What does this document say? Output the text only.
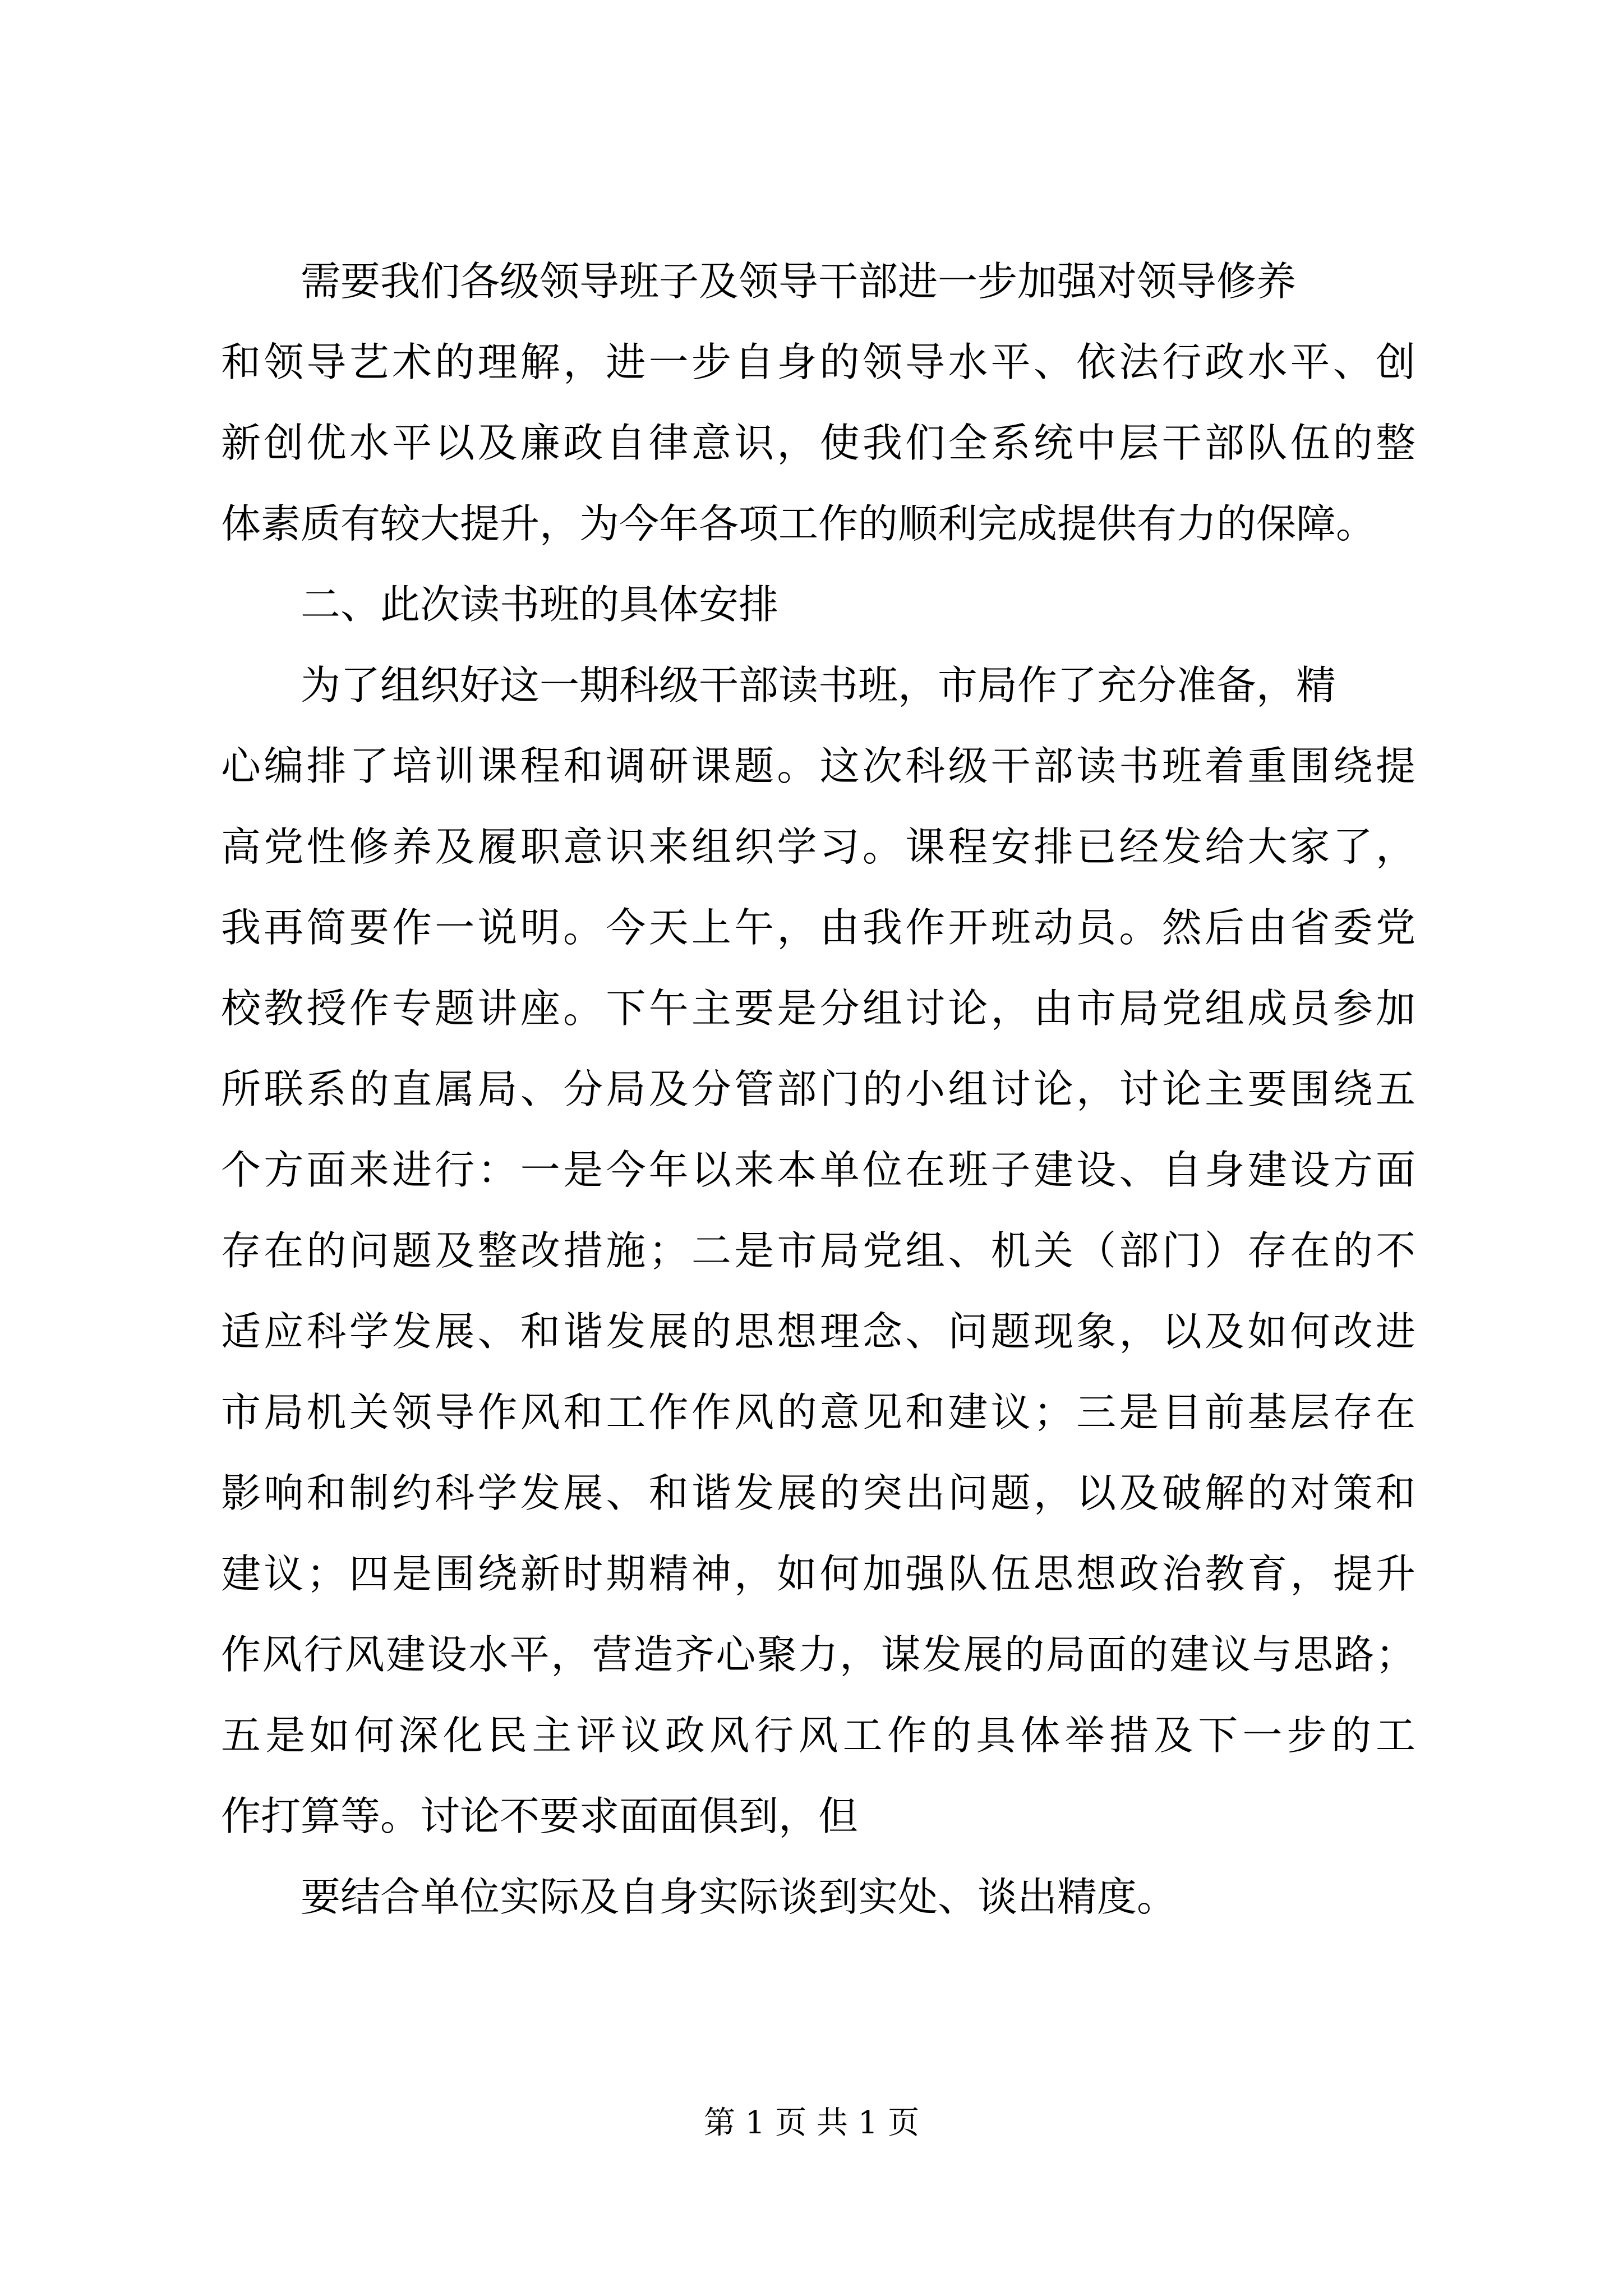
需要我们各级领导班子及领导干部进一步加强对领导修养
和领导艺术的理解，进一步自身的领导水平、依法行政水平、创
新创优水平以及廉政自律意识，使我们全系统中层干部队伍的整
体素质有较大提升，为今年各项工作的顺利完成提供有力的保障。
二、此次读书班的具体安排
为了组织好这一期科级干部读书班，市局作了充分准备，精
心编排了培训课程和调研课题。这次科级干部读书班着重围绕提
高党性修养及履职意识来组织学习。课程安排已经发给大家了，
我再简要作一说明。今天上午，由我作开班动员。然后由省委党
校教授作专题讲座。下午主要是分组讨论，由市局党组成员参加
所联系的直属局、分局及分管部门的小组讨论，讨论主要围绕五
个方面来进行：一是今年以来本单位在班子建设、自身建设方面
存在的问题及整改措施；二是市局党组、机关（部门）存在的不
适应科学发展、和谐发展的思想理念、问题现象，以及如何改进
市局机关领导作风和工作作风的意见和建议；三是目前基层存在
影响和制约科学发展、和谐发展的突出问题，以及破解的对策和
建议；四是围绕新时期精神，如何加强队伍思想政治教育，提升
作风行风建设水平，营造齐心聚力，谋发展的局面的建议与思路；
五是如何深化民主评议政风行风工作的具体举措及下一步的工
作打算等。讨论不要求面面俱到，但
要结合单位实际及自身实际谈到实处、谈出精度。
第 1 页 共 1 页
